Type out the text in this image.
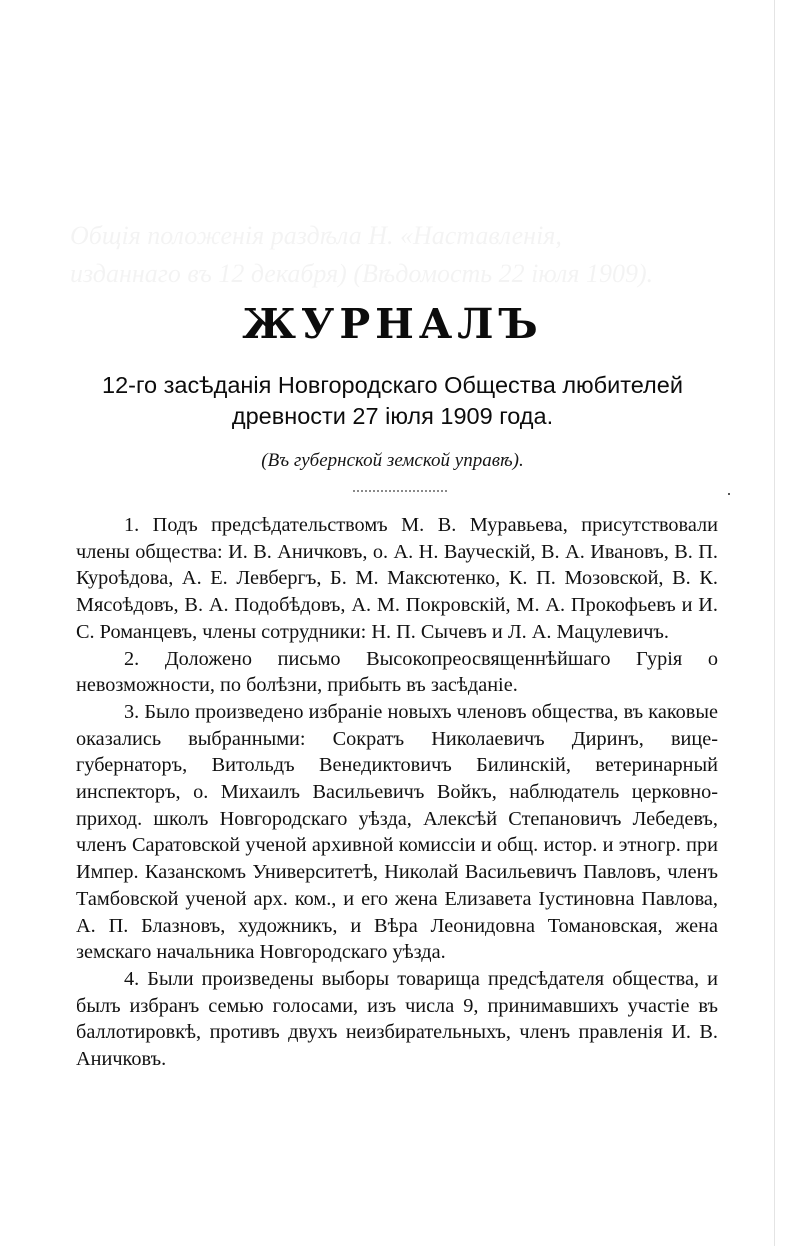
ЖУРНАЛЪ
12-го засѣданія Новгородскаго Общества любителей
древности 27 іюля 1909 года.
(Въ губернской земской управѣ).

1. Подъ предсѣдательствомъ М. В. Муравьева, присутствовали члены общества: И. В. Аничковъ, о. А. Н. Вауческій, В. А. Ивановъ, В. П. Куроѣдова, А. Е. Левбергъ, Б. М. Максютенко, К. П. Мозовской, В. К. Мясоѣдовъ, В. А. Подобѣдовъ, А. М. Покровскій, М. А. Прокофьевъ и И. С. Романцевъ, члены сотрудники: Н. П. Сычевъ и Л. А. Мацулевичъ.

2. Доложено письмо Высокопреосвященнѣйшаго Гурія о невозможности, по болѣзни, прибыть въ засѣданіе.

3. Было произведено избраніе новыхъ членовъ общества, въ каковые оказались выбранными: Сократъ Николаевичъ Диринъ, вице-губернаторъ, Витольдъ Венедиктовичъ Билинскій, ветеринарный инспекторъ, о. Михаилъ Васильевичъ Войкъ, наблюдатель церковно-приход. школъ Новгородскаго уѣзда, Алексѣй Степановичъ Лебедевъ, членъ Саратовской ученой архивной комиссіи и общ. истор. и этногр. при Импер. Казанскомъ Университетѣ, Николай Васильевичъ Павловъ, членъ Тамбовской ученой арх. ком., и его жена Елизавета Іустиновна Павлова, А. П. Блазновъ, художникъ, и Вѣра Леонидовна Томановская, жена земскаго начальника Новгородскаго уѣзда.

4. Были произведены выборы товарища предсѣдателя общества, и былъ избранъ семью голосами, изъ числа 9, принимавшихъ участіе въ баллотировкѣ, противъ двухъ неизбирательныхъ, членъ правленія И. В. Аничковъ.
